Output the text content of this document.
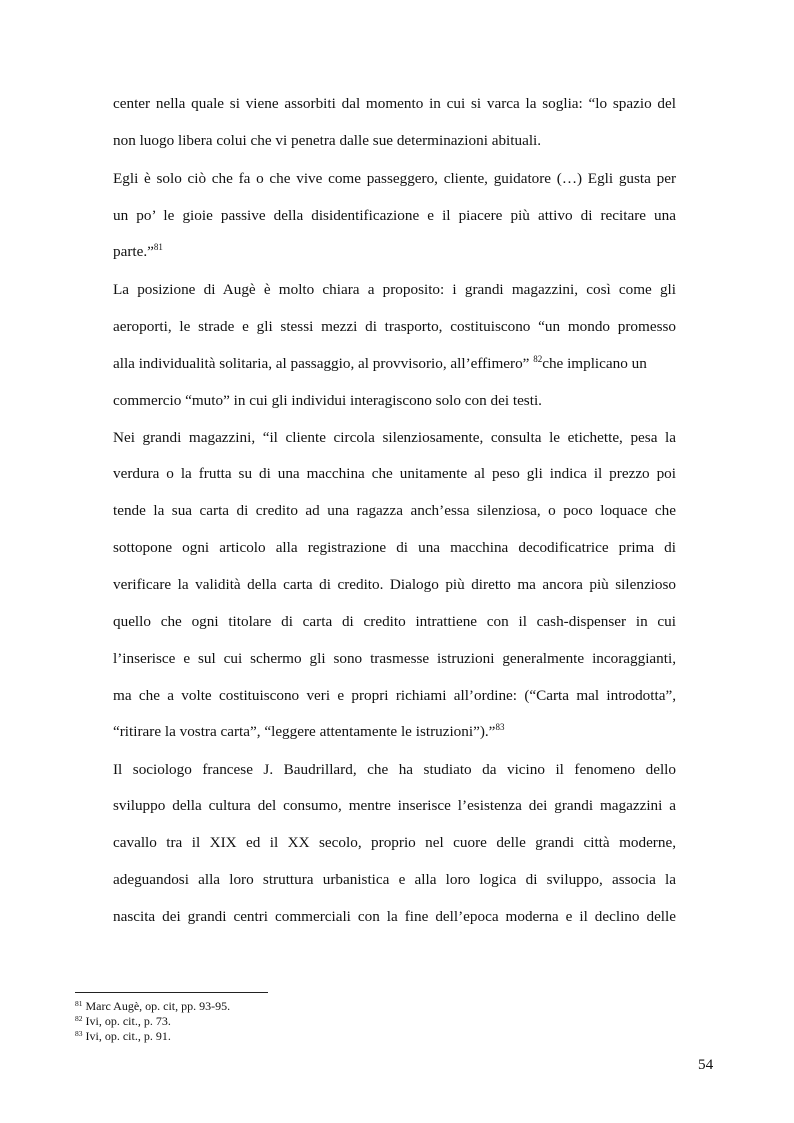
center nella quale si viene assorbiti dal momento in cui si varca la soglia: “lo spazio del
non luogo libera colui che vi penetra dalle sue determinazioni abituali.
Egli è solo ciò che fa o che vive come passeggero, cliente, guidatore (…) Egli gusta per
un po’ le gioie passive della disidentificazione e il piacere più attivo di recitare una
parte.”$^{81}$
La posizione di Augè è molto chiara a proposito: i grandi magazzini, così come gli
aeroporti, le strade e gli stessi mezzi di trasporto, costituiscono “un mondo promesso
alla individualità solitaria, al passaggio, al provvisorio, all’effimero” $^{82}$che implicano un
commercio “muto” in cui gli individui interagiscono solo con dei testi.
Nei grandi magazzini, “il cliente circola silenziosamente, consulta le etichette, pesa la
verdura o la frutta su di una macchina che unitamente al peso gli indica il prezzo poi
tende la sua carta di credito ad una ragazza anch’essa silenziosa, o poco loquace che
sottopone ogni articolo alla registrazione di una macchina decodificatrice prima di
verificare la validità della carta di credito. Dialogo più diretto ma ancora più silenzioso
quello che ogni titolare di carta di credito intrattiene con il cash-dispenser in cui
l’inserisce e sul cui schermo gli sono trasmesse istruzioni generalmente incoraggianti,
ma che a volte costituiscono veri e propri richiami all’ordine: (“Carta mal introdotta”,
“ritirare la vostra carta”, “leggere attentamente le istruzioni”).”$^{83}$
Il sociologo francese J. Baudrillard, che ha studiato da vicino il fenomeno dello
sviluppo della cultura del consumo, mentre inserisce l’esistenza dei grandi magazzini a
cavallo tra il XIX ed il XX secolo, proprio nel cuore delle grandi città moderne,
adeguandosi alla loro struttura urbanistica e alla loro logica di sviluppo, associa la
nascita dei grandi centri commerciali con la fine dell’epoca moderna e il declino delle
$^{81}$ Marc Augè, op. cit, pp. 93-95.
$^{82}$ Ivi, op. cit., p. 73.
$^{83}$ Ivi, op. cit., p. 91.
54
